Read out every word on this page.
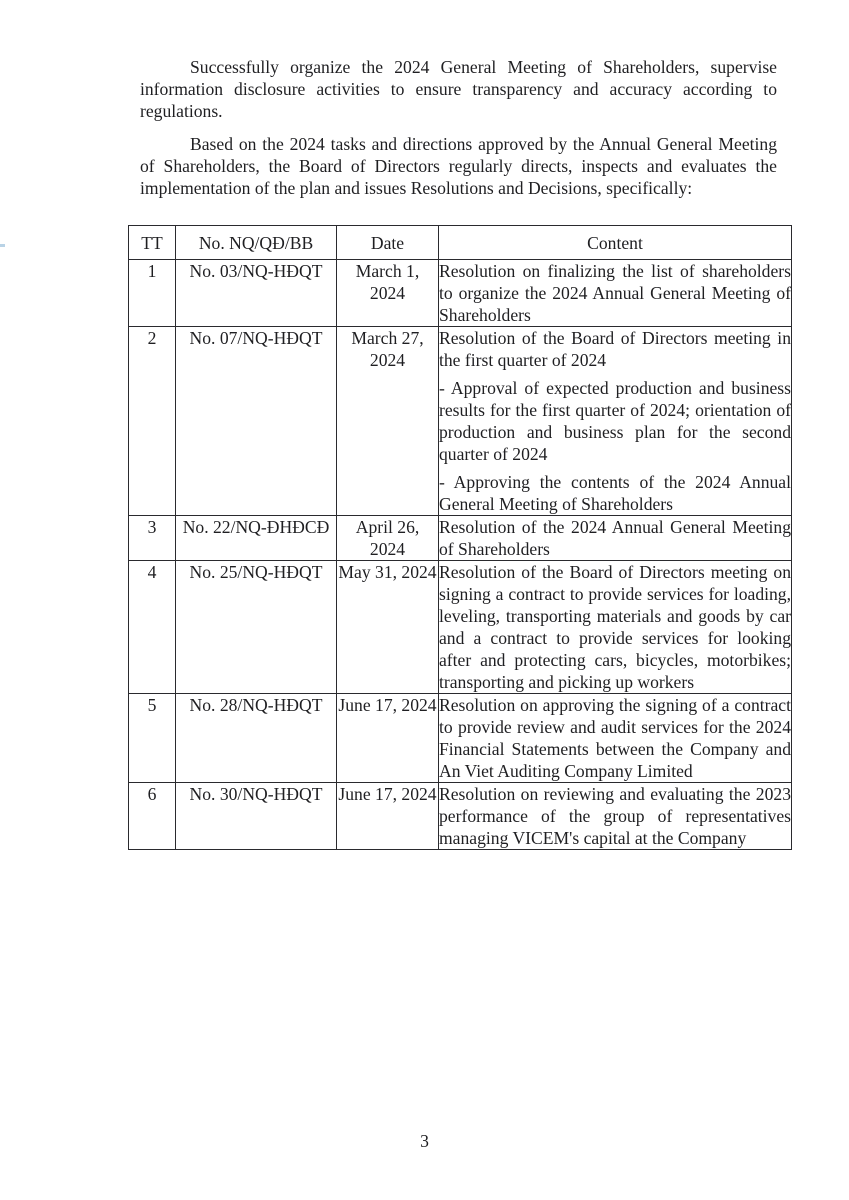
Successfully organize the 2024 General Meeting of Shareholders, supervise information disclosure activities to ensure transparency and accuracy according to regulations.

Based on the 2024 tasks and directions approved by the Annual General Meeting of Shareholders, the Board of Directors regularly directs, inspects and evaluates the implementation of the plan and issues Resolutions and Decisions, specifically:

TT	No. NQ/QĐ/BB	Date	Content
1	No. 03/NQ-HĐQT	March 1, 2024	Resolution on finalizing the list of shareholders to organize the 2024 Annual General Meeting of Shareholders

2	No. 07/NQ-HĐQT	March 27, 2024	Resolution of the Board of Directors meeting in the first quarter of 2024

- Approval of expected production and business results for the first quarter of 2024; orientation of production and business plan for the second quarter of 2024

- Approving the contents of the 2024 Annual General Meeting of Shareholders

3	No. 22/NQ-ĐHĐCĐ	April 26, 2024	Resolution of the 2024 Annual General Meeting of Shareholders

4	No. 25/NQ-HĐQT	May 31, 2024	Resolution of the Board of Directors meeting on signing a contract to provide services for loading, leveling, transporting materials and goods by car and a contract to provide services for looking after and protecting cars, bicycles, motorbikes; transporting and picking up workers

5	No. 28/NQ-HĐQT	June 17, 2024	Resolution on approving the signing of a contract to provide review and audit services for the 2024 Financial Statements between the Company and An Viet Auditing Company Limited

6	No. 30/NQ-HĐQT	June 17, 2024	Resolution on reviewing and evaluating the 2023 performance of the group of representatives managing VICEM's capital at the Company

3
